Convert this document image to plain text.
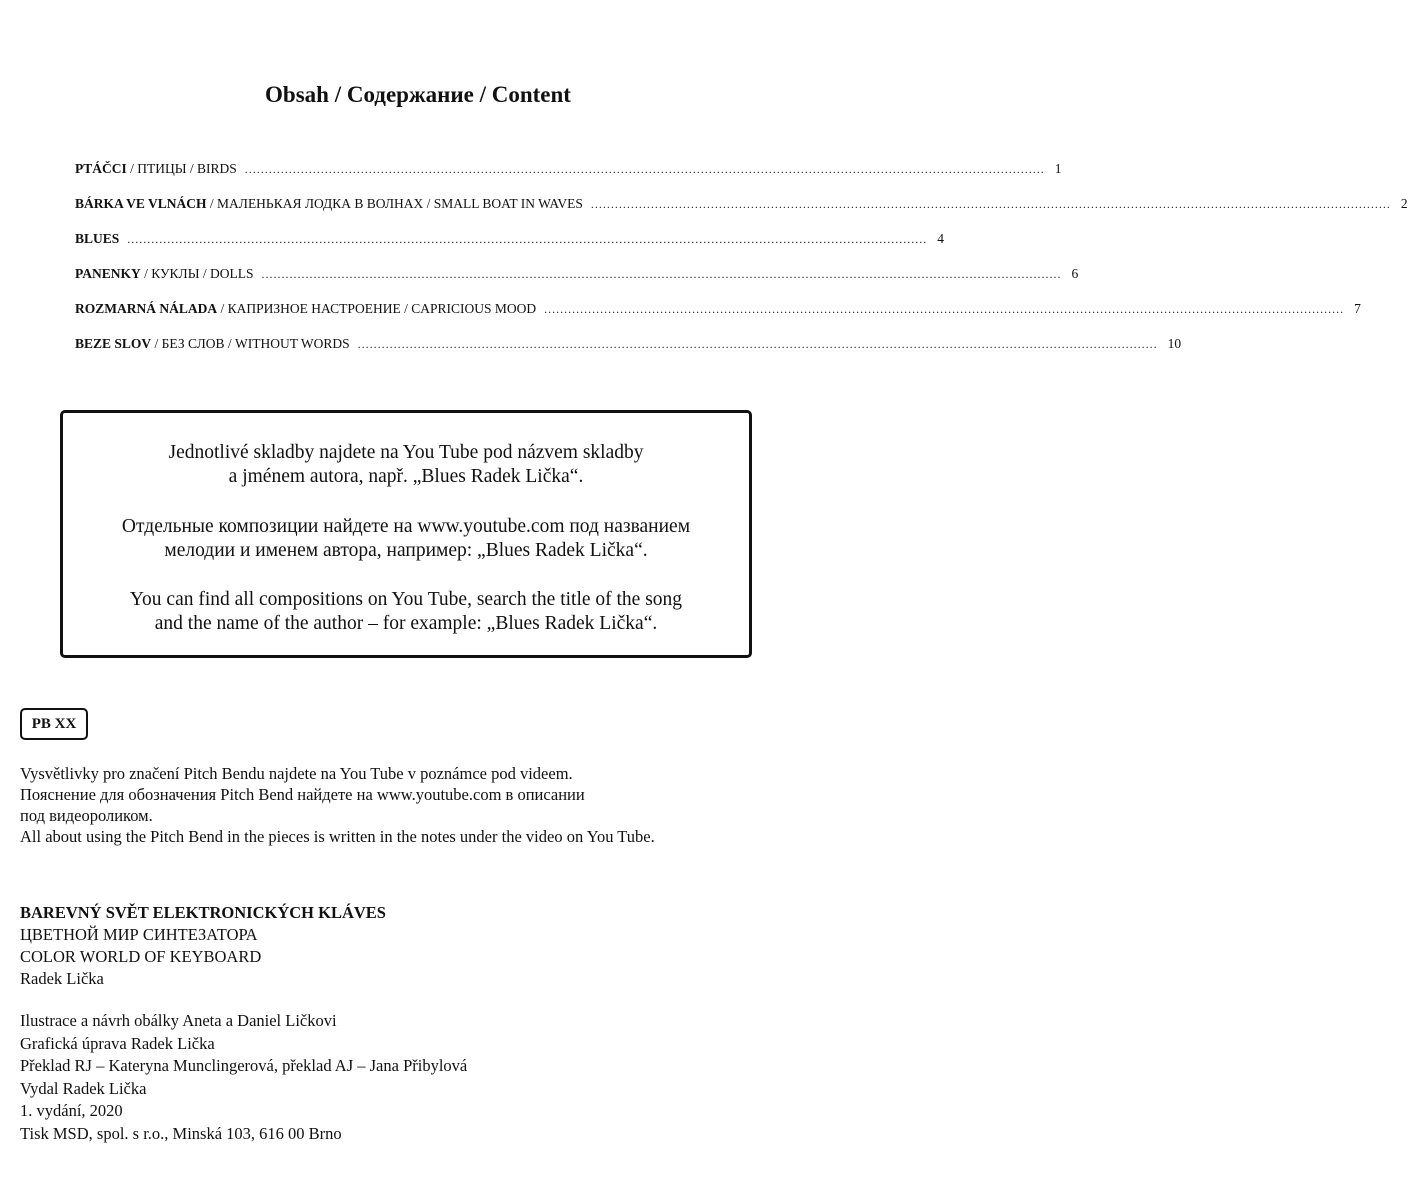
Obsah / Содержание / Content
PTÁČCI / ПТИЦЫ / BIRDS ........................................................................................................................................................................................................ 1
BÁRKA VE VLNÁCH / МАЛЕНЬКАЯ ЛОДКА В ВОЛНАХ / SMALL BOAT IN WAVES ........................................................................................................................................................................................................ 2
BLUES ........................................................................................................................................................................................................ 4
PANENKY / КУКЛЫ / DOLLS ........................................................................................................................................................................................................ 6
ROZMARNÁ NÁLADA / КАПРИЗНОЕ НАСТРОЕНИЕ / CAPRICIOUS MOOD ........................................................................................................................................................................................................ 7
BEZE SLOV / БЕЗ СЛОВ / WITHOUT WORDS ........................................................................................................................................................................................................ 10

Jednotlivé skladby najdete na You Tube pod názvem skladby
a jménem autora, např. „Blues Radek Lička“.

Отдельные композиции найдете на www.youtube.com под названием
мелодии и именем автора, например: „Blues Radek Lička“.

You can find all compositions on You Tube, search the title of the song
and the name of the author – for example: „Blues Radek Lička“.

PB XX
Vysvětlivky pro značení Pitch Bendu najdete na You Tube v poznámce pod videem.
Пояснение для обозначения Pitch Bend найдете на www.youtube.com в описании
под видеороликом.
All about using the Pitch Bend in the pieces is written in the notes under the video on You Tube.
BAREVNÝ SVĚT ELEKTRONICKÝCH KLÁVES
ЦВЕТНОЙ МИР СИНТЕЗАТОРА
COLOR WORLD OF KEYBOARD
Radek Lička
Ilustrace a návrh obálky Aneta a Daniel Ličkovi
Grafická úprava Radek Lička
Překlad RJ – Kateryna Munclingerová, překlad AJ – Jana Přibylová
Vydal Radek Lička
1. vydání, 2020
Tisk MSD, spol. s r.o., Minská 103, 616 00 Brno
